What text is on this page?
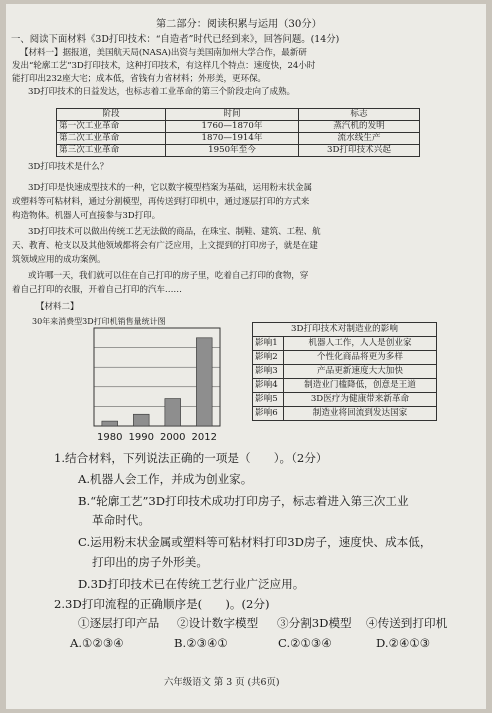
第二部分：阅读积累与运用（30分）
一、阅读下面材料《3D打印技术：“自造者”时代已经到来》，回答问题。(14分)
【材料一】据报道，美国航天局(NASA)出资与美国南加州大学合作，最新研
发出“轮廓工艺”3D打印技术，这种打印技术，有这样几个特点：速度快，24小时
能打印出232座大宅；成本低，省钱有力省材料；外形美，更环保。
3D打印技术的日益发达，也标志着工业革命的第三个阶段走向了成熟。
阶段	时间	标志
第一次工业革命	1760—1870年	蒸汽机的发明
第二次工业革命	1870—1914年	流水线生产
第三次工业革命	1950年至今	3D打印技术兴起
3D打印技术是什么？
3D打印是快速成型技术的一种，它以数字模型档案为基础，运用粉末状金属
或塑料等可粘材料，通过分割模型，再传送到打印机中，通过逐层打印的方式来
构造物体。机器人可直接参与3D打印。
3D打印技术可以做出传统工艺无法做的商品，在珠宝、制鞋、建筑、工程、航
天、教育、枪支以及其他领域都将会有广泛应用，上文提到的打印房子，就是在建
筑领域应用的成功案例。
或许哪一天，我们就可以住在自己打印的房子里，吃着自己打印的食物，穿
着自己打印的衣服，开着自己打印的汽车……
【材料二】
30年来消费型3D打印机销售量统计图
1980 1990 2000 2012
3D打印技术对制造业的影响	
影响1	机器人工作，人人是创业家
影响2	个性化商品将更为多样
影响3	产品更新速度大大加快
影响4	制造业门槛降低，创意是王道
影响5	3D医疗为健康带来新革命
影响6	制造业将回流到发达国家
1.结合材料，下列说法正确的一项是（　　）。（2分）
A.机器人会工作，并成为创业家。
B.“轮廓工艺”3D打印技术成功打印房子，标志着进入第三次工业
革命时代。
C.运用粉末状金属或塑料等可粘材料打印3D房子，速度快、成本低，
打印出的房子外形美。
D.3D打印技术已在传统工艺行业广泛应用。
2.3D打印流程的正确顺序是(　　)。(2分)
①逐层打印产品 ②设计数字模型 ③分割3D模型 ④传送到打印机
A.①②③④	B.②③④①	C.②①③④	D.②④①③
六年级语文 第 3 页 (共6页)
